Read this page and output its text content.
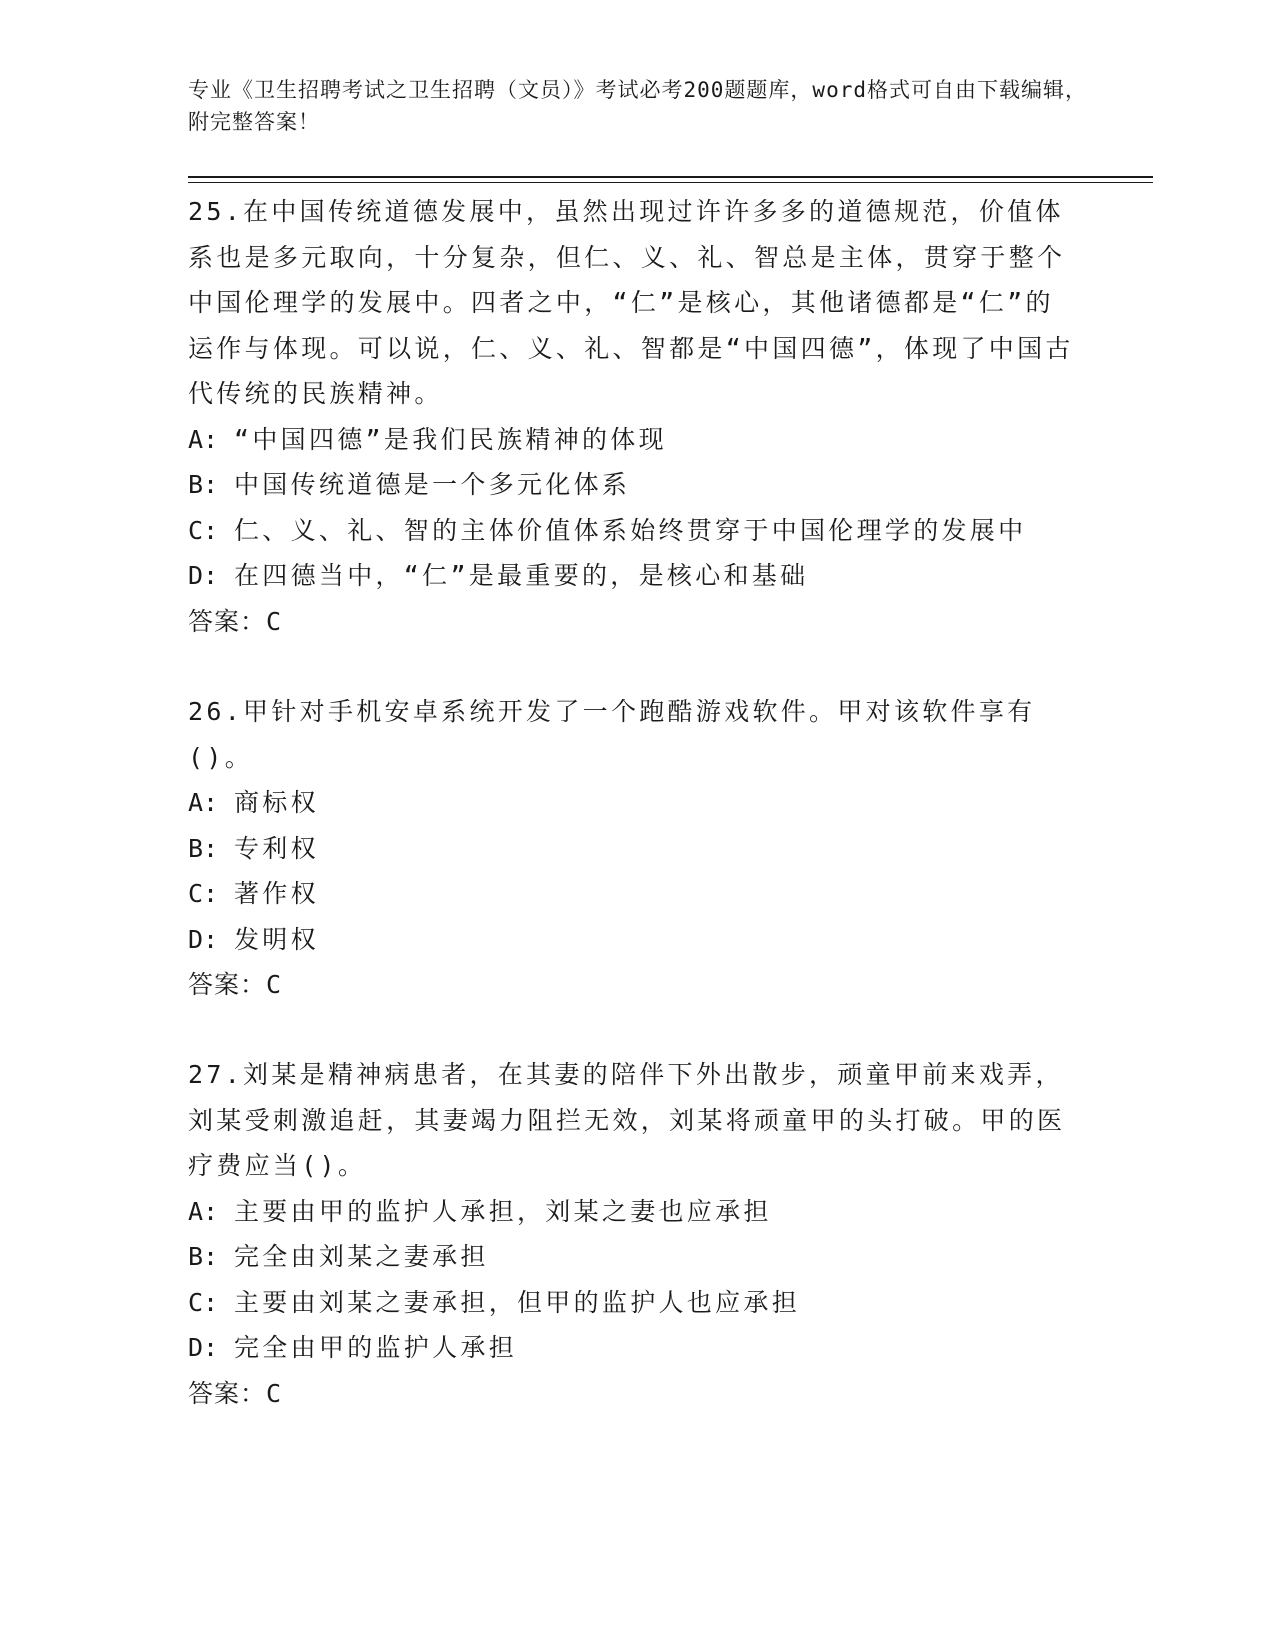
专业《卫生招聘考试之卫生招聘（文员）》考试必考200题题库，word格式可自由下载编辑，附完整答案！

25.在中国传统道德发展中，虽然出现过许许多多的道德规范，价值体系也是多元取向，十分复杂，但仁、义、礼、智总是主体，贯穿于整个中国伦理学的发展中。四者之中，“仁”是核心，其他诸德都是“仁”的运作与体现。可以说，仁、义、礼、智都是“中国四德”，体现了中国古代传统的民族精神。

A: “中国四德”是我们民族精神的体现

B: 中国传统道德是一个多元化体系

C: 仁、义、礼、智的主体价值体系始终贯穿于中国伦理学的发展中

D: 在四德当中，“仁”是最重要的，是核心和基础

答案：C

26.甲针对手机安卓系统开发了一个跑酷游戏软件。甲对该软件享有()。

A: 商标权

B: 专利权

C: 著作权

D: 发明权

答案：C

27.刘某是精神病患者，在其妻的陪伴下外出散步，顽童甲前来戏弄，刘某受刺激追赶，其妻竭力阻拦无效，刘某将顽童甲的头打破。甲的医疗费应当()。

A: 主要由甲的监护人承担，刘某之妻也应承担

B: 完全由刘某之妻承担

C: 主要由刘某之妻承担，但甲的监护人也应承担

D: 完全由甲的监护人承担

答案：C
